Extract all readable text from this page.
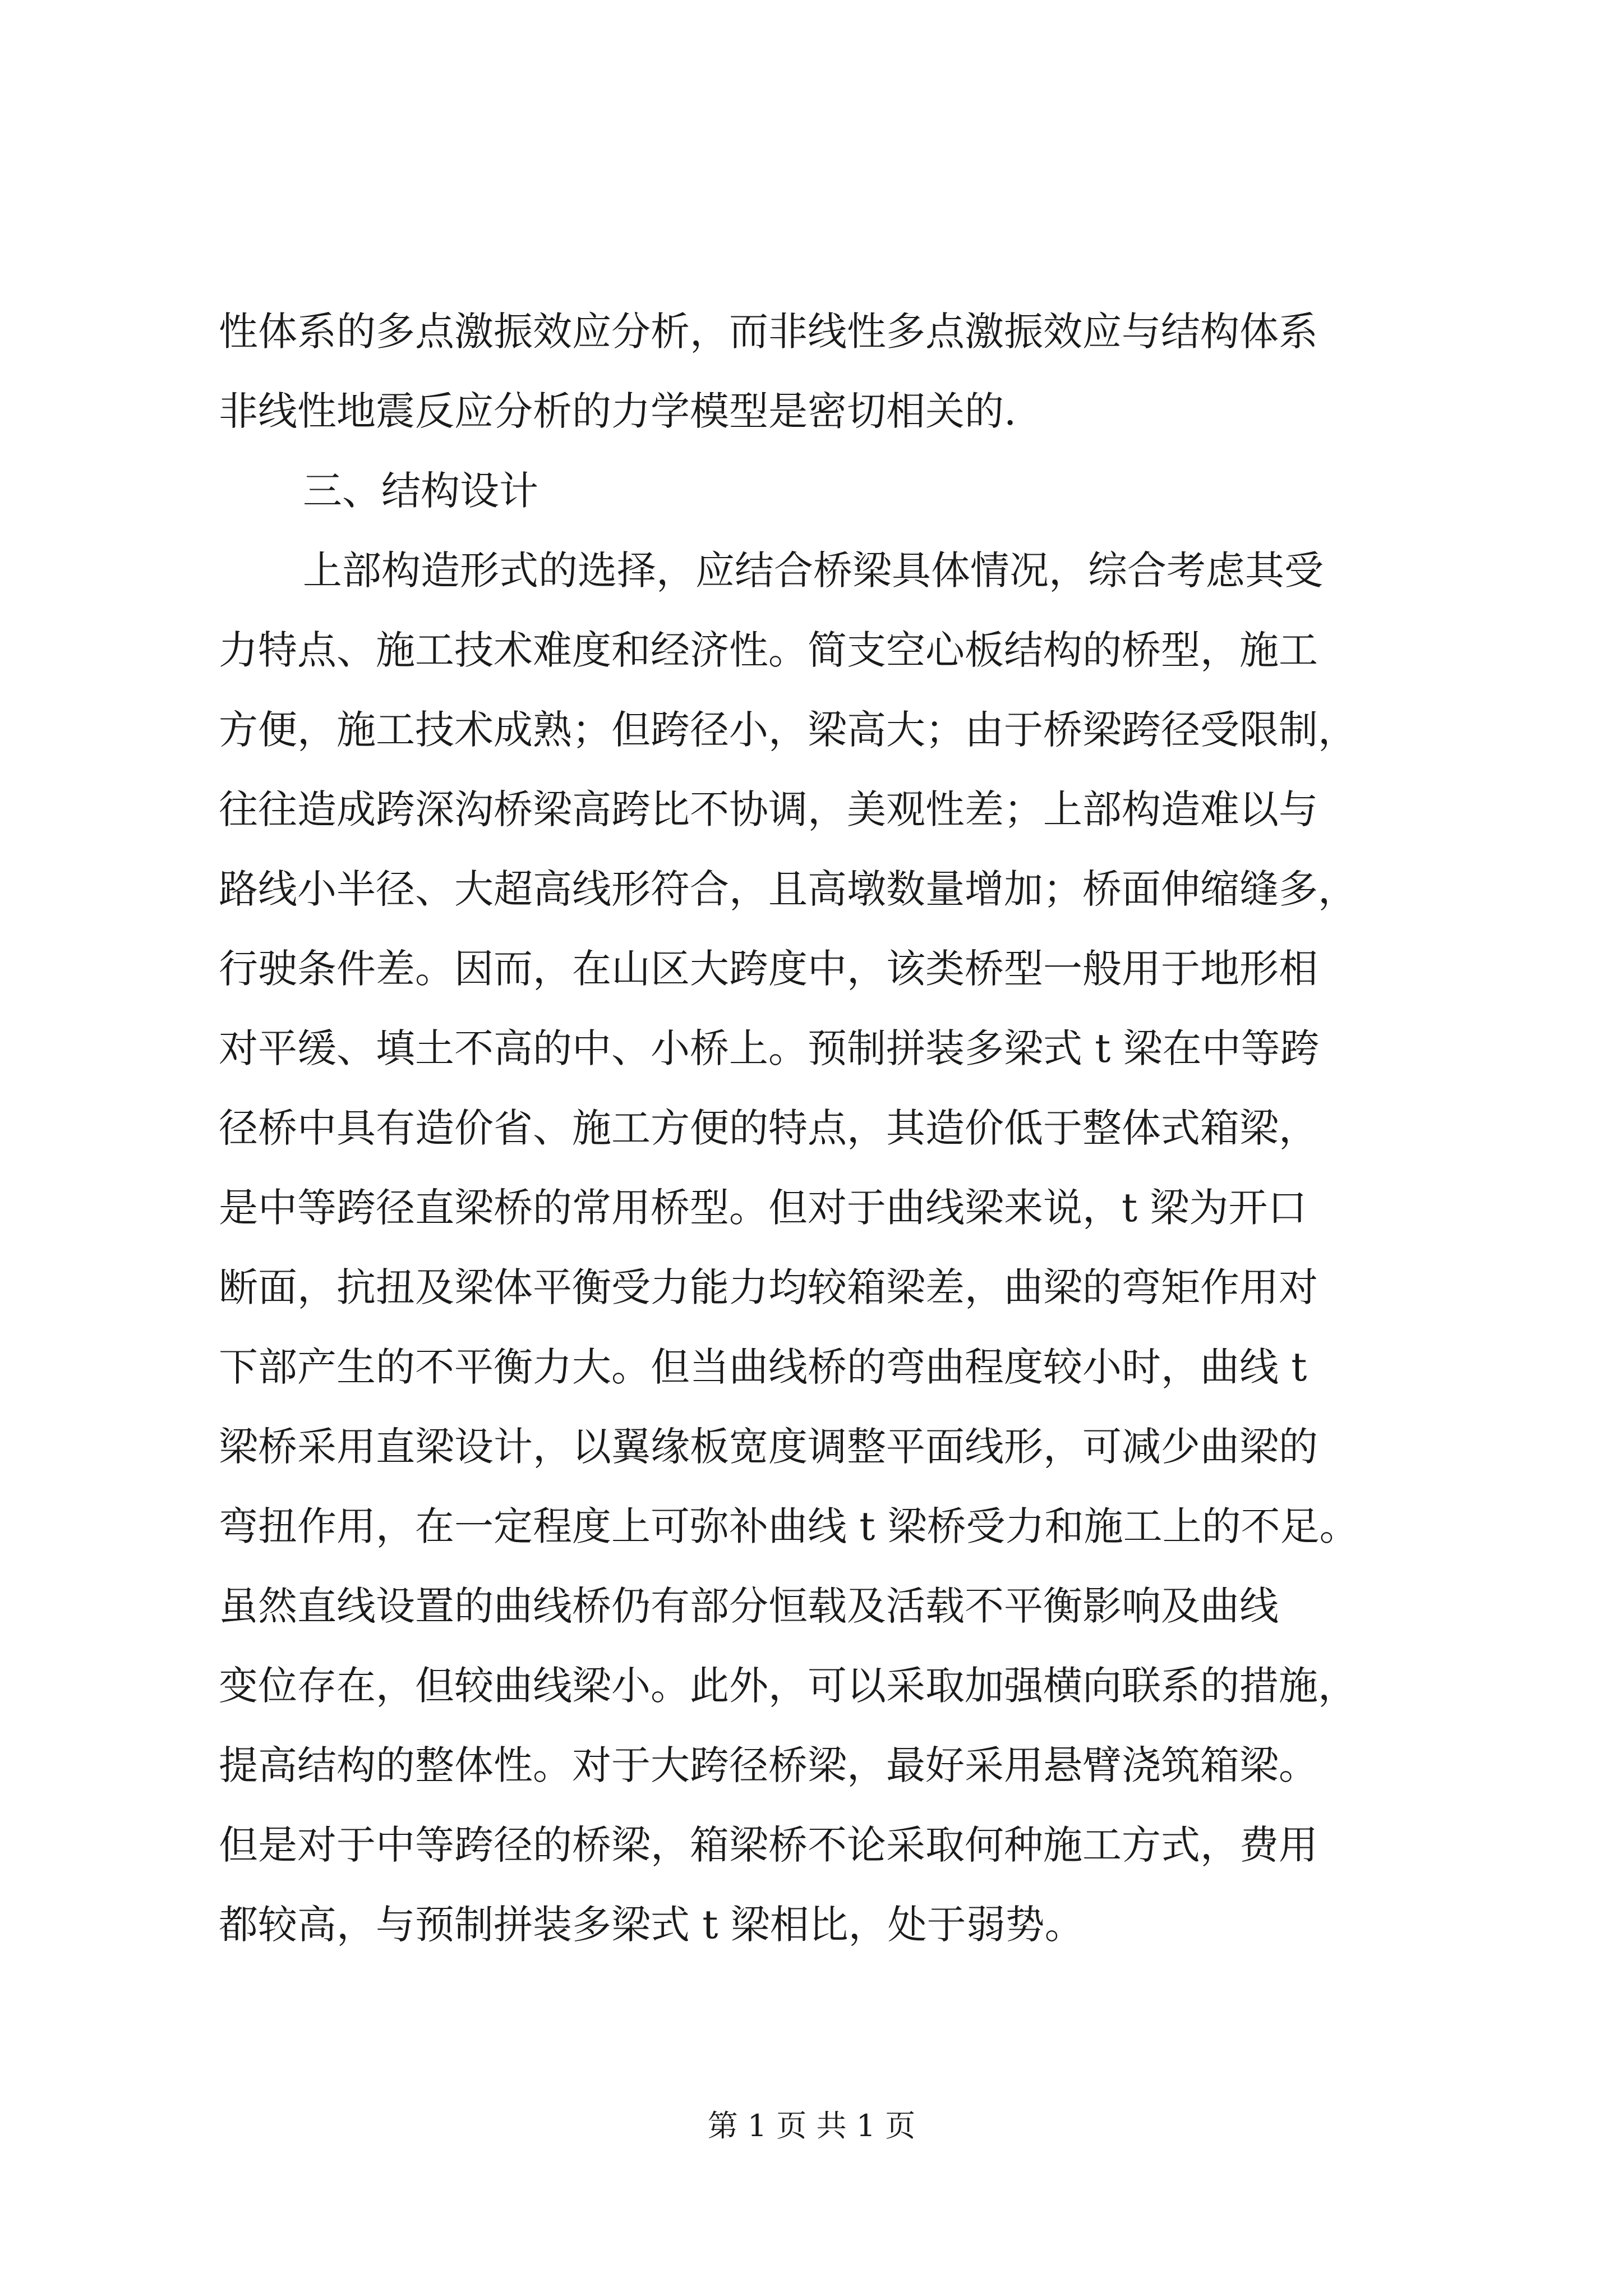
性体系的多点激振效应分析，而非线性多点激振效应与结构体系
非线性地震反应分析的力学模型是密切相关的.
三、结构设计
上部构造形式的选择，应结合桥梁具体情况，综合考虑其受
力特点、施工技术难度和经济性。简支空心板结构的桥型，施工
方便，施工技术成熟；但跨径小，梁高大；由于桥梁跨径受限制，
往往造成跨深沟桥梁高跨比不协调，美观性差；上部构造难以与
路线小半径、大超高线形符合，且高墩数量增加；桥面伸缩缝多，
行驶条件差。因而，在山区大跨度中，该类桥型一般用于地形相
对平缓、填土不高的中、小桥上。预制拼装多梁式 t 梁在中等跨
径桥中具有造价省、施工方便的特点，其造价低于整体式箱梁，
是中等跨径直梁桥的常用桥型。但对于曲线梁来说，t 梁为开口
断面，抗扭及梁体平衡受力能力均较箱梁差，曲梁的弯矩作用对
下部产生的不平衡力大。但当曲线桥的弯曲程度较小时，曲线 t
梁桥采用直梁设计，以翼缘板宽度调整平面线形，可减少曲梁的
弯扭作用，在一定程度上可弥补曲线 t 梁桥受力和施工上的不足。
虽然直线设置的曲线桥仍有部分恒载及活载不平衡影响及曲线
变位存在，但较曲线梁小。此外，可以采取加强横向联系的措施，
提高结构的整体性。对于大跨径桥梁，最好采用悬臂浇筑箱梁。
但是对于中等跨径的桥梁，箱梁桥不论采取何种施工方式，费用
都较高，与预制拼装多梁式 t 梁相比，处于弱势。
第 1 页 共 1 页
